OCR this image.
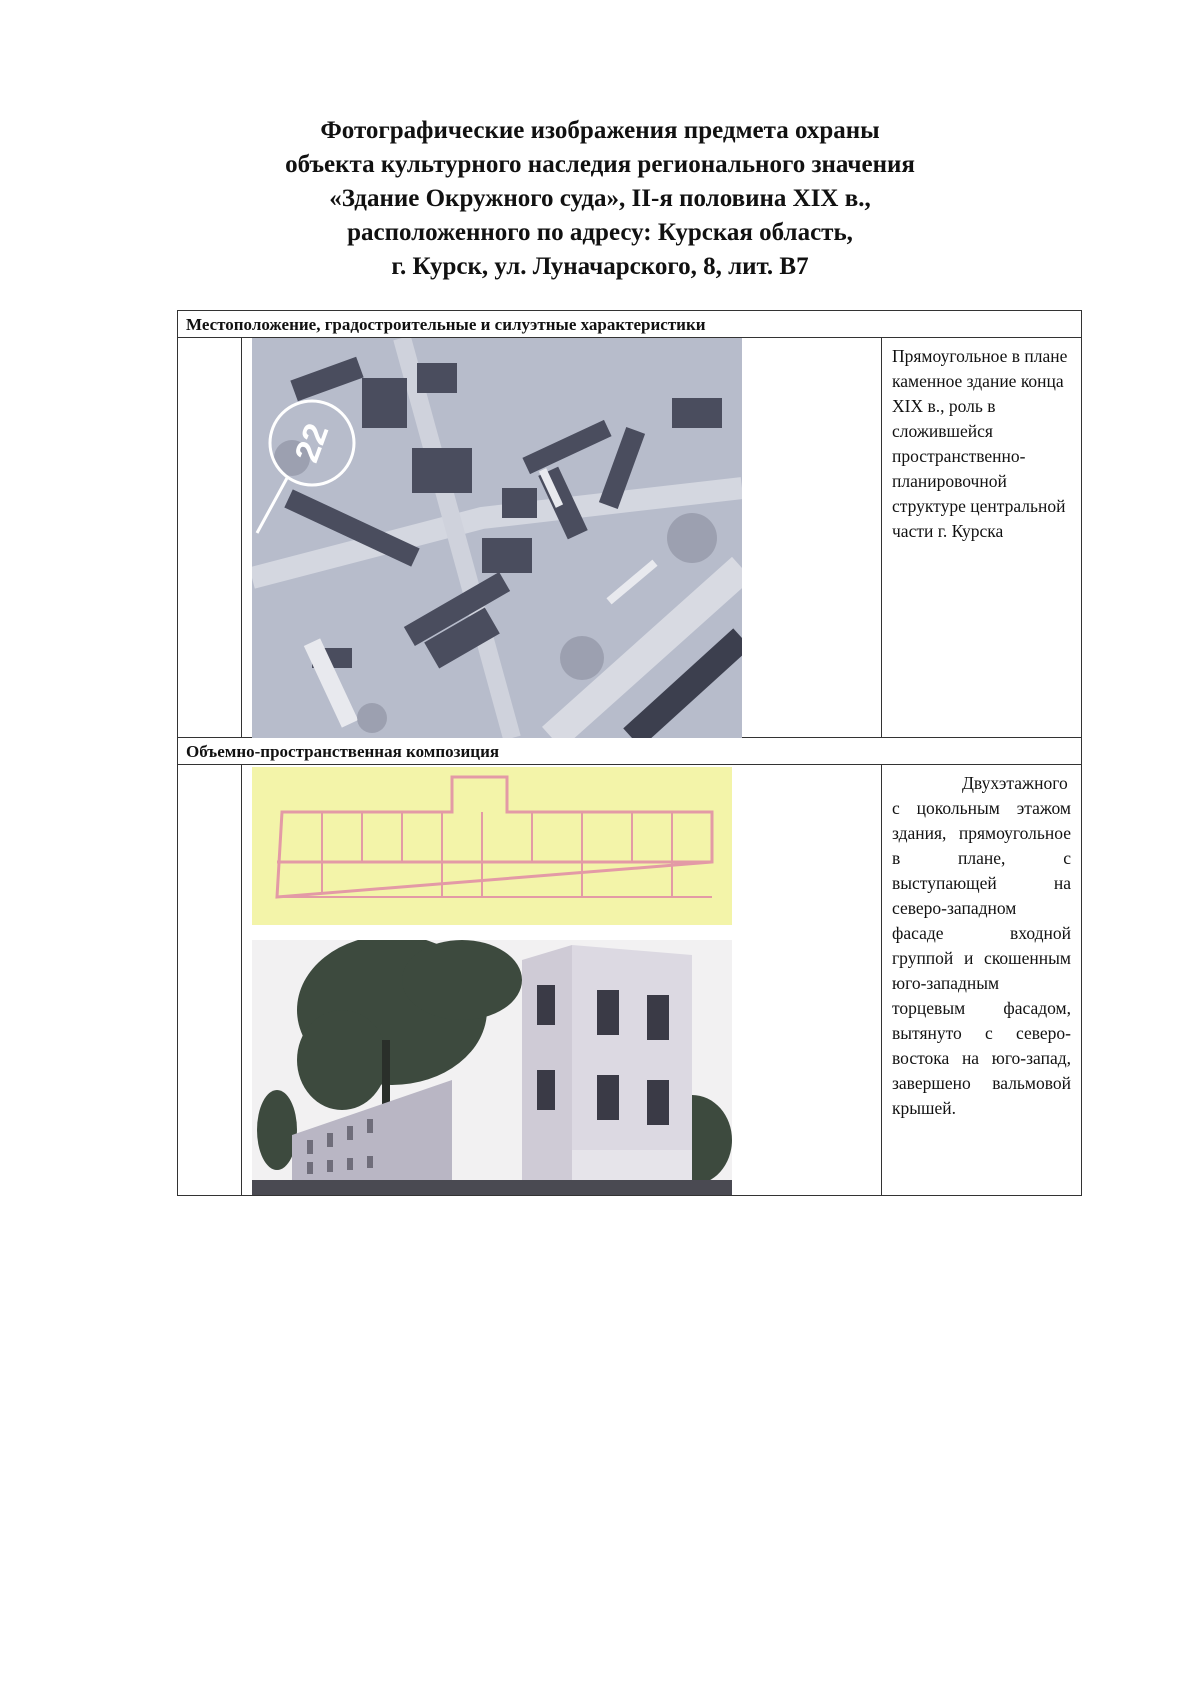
Фотографические изображения предмета охраны
объекта культурного наследия регионального значения
«Здание Окружного суда», II-я половина XIX в.,
расположенного по адресу: Курская область,
г. Курск, ул. Луначарского, 8, лит. В7
Местоположение, градостроительные и силуэтные характеристики
22
Прямоугольное в плане каменное здание конца XIX в., роль в сложившейся пространственно-планировочной структуре центральной части г. Курска
Объемно-пространственная композиция
Двухэтажного с цокольным этажом здания, прямоугольное в плане, с выступающей на северо-западном фасаде входной группой и скошенным юго-западным торцевым фасадом, вытянуто с северо-востока на юго-запад, завершено вальмовой крышей.
